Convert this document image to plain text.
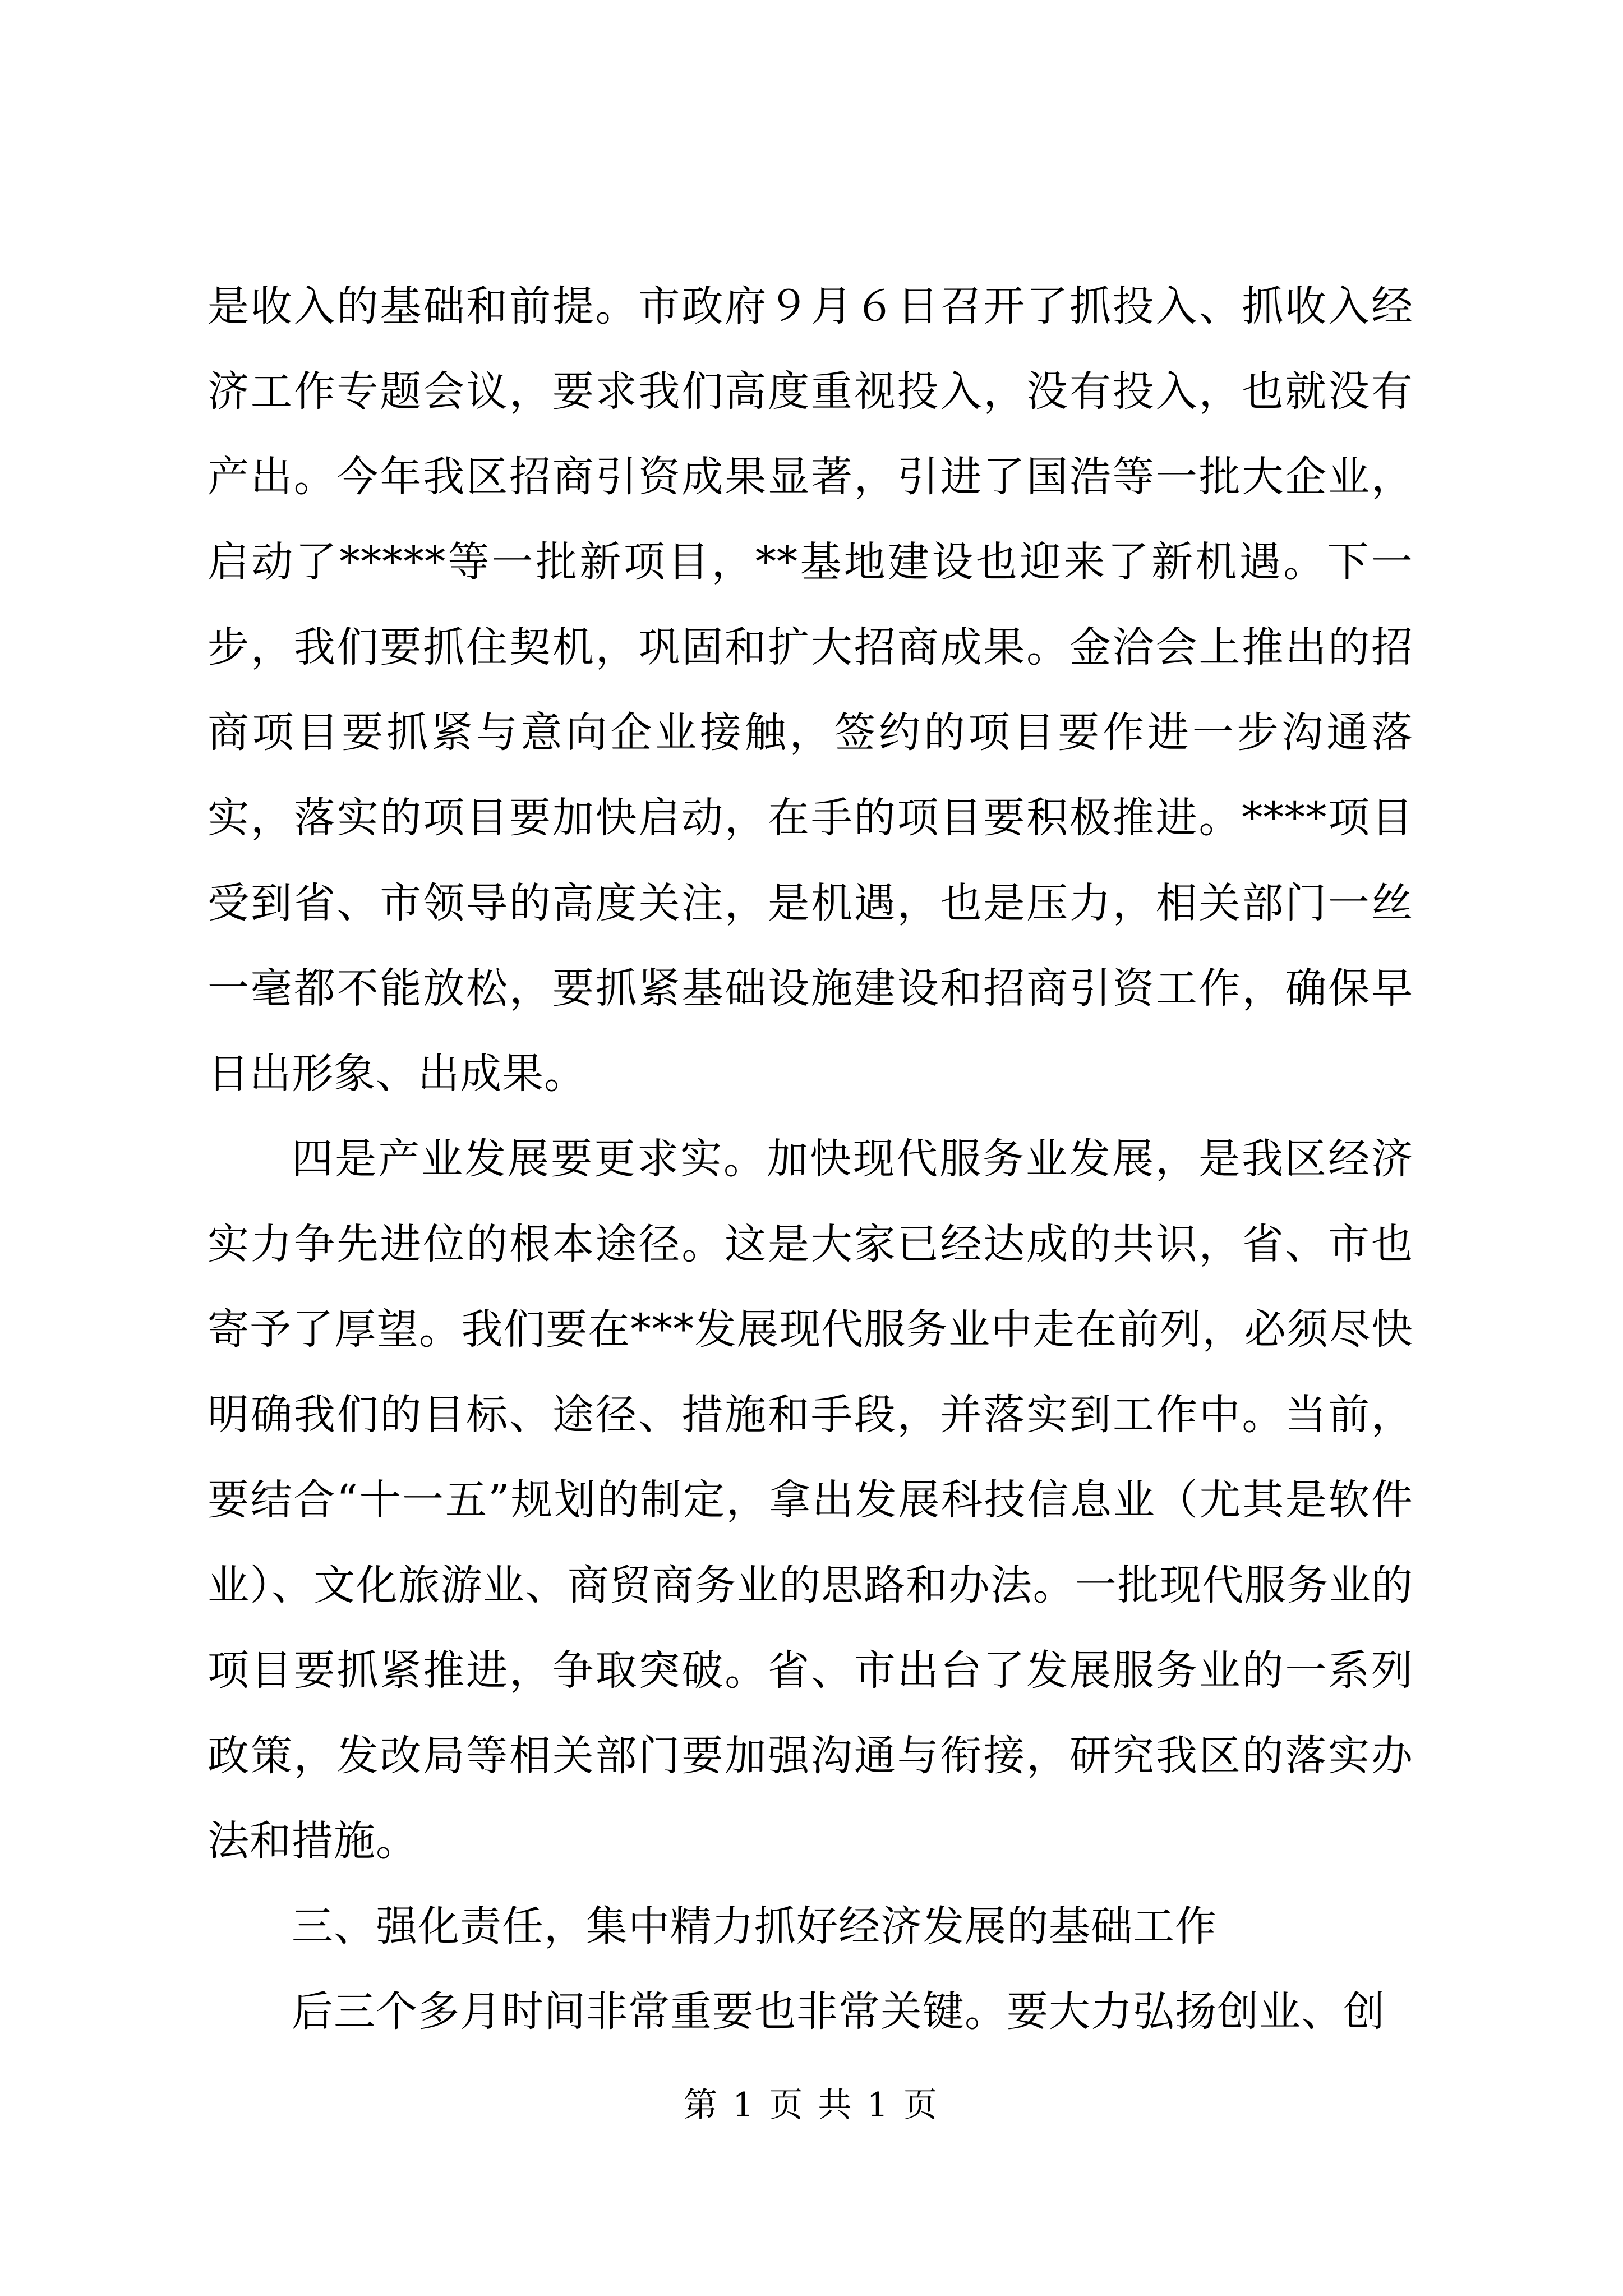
是收入的基础和前提。市政府９月６日召开了抓投入、抓收入经济工作专题会议，要求我们高度重视投入，没有投入，也就没有产出。今年我区招商引资成果显著，引进了国浩等一批大企业，启动了*****等一批新项目，**基地建设也迎来了新机遇。下一步，我们要抓住契机，巩固和扩大招商成果。金洽会上推出的招商项目要抓紧与意向企业接触，签约的项目要作进一步沟通落实，落实的项目要加快启动，在手的项目要积极推进。****项目受到省、市领导的高度关注，是机遇，也是压力，相关部门一丝一毫都不能放松，要抓紧基础设施建设和招商引资工作，确保早日出形象、出成果。

四是产业发展要更求实。加快现代服务业发展，是我区经济实力争先进位的根本途径。这是大家已经达成的共识，省、市也寄予了厚望。我们要在***发展现代服务业中走在前列，必须尽快明确我们的目标、途径、措施和手段，并落实到工作中。当前，要结合“十一五”规划的制定，拿出发展科技信息业（尤其是软件业）、文化旅游业、商贸商务业的思路和办法。一批现代服务业的项目要抓紧推进，争取突破。省、市出台了发展服务业的一系列政策，发改局等相关部门要加强沟通与衔接，研究我区的落实办法和措施。

三、强化责任，集中精力抓好经济发展的基础工作

后三个多月时间非常重要也非常关键。要大力弘扬创业、创

第 1 页 共 1 页
